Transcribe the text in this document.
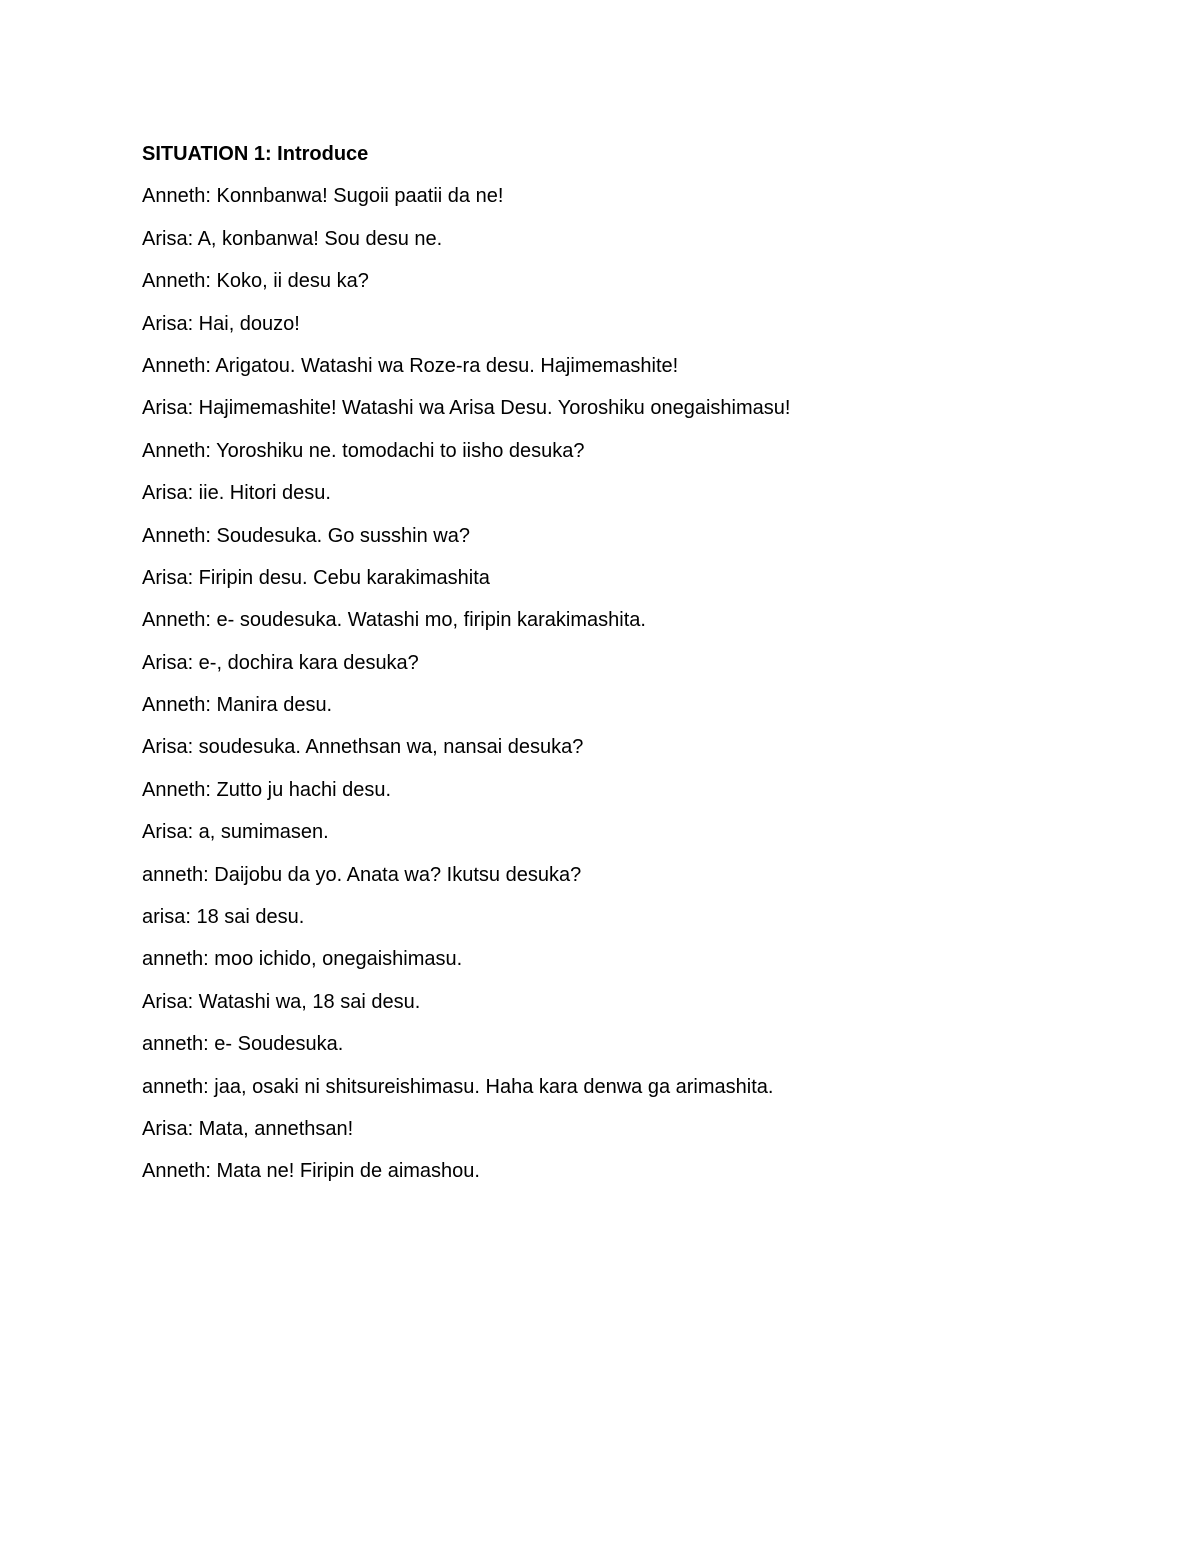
SITUATION 1: Introduce

Anneth: Konnbanwa! Sugoii paatii da ne!

Arisa: A, konbanwa! Sou desu ne.

Anneth: Koko, ii desu ka?

Arisa: Hai, douzo!

Anneth: Arigatou. Watashi wa Roze-ra desu. Hajimemashite!

Arisa: Hajimemashite! Watashi wa Arisa Desu. Yoroshiku onegaishimasu!

Anneth: Yoroshiku ne. tomodachi to iisho desuka?

Arisa: iie. Hitori desu.

Anneth: Soudesuka. Go susshin wa?

Arisa: Firipin desu. Cebu karakimashita

Anneth: e- soudesuka. Watashi mo, firipin karakimashita.

Arisa: e-, dochira kara desuka?

Anneth: Manira desu.

Arisa: soudesuka. Annethsan wa, nansai desuka?

Anneth: Zutto ju hachi desu.

Arisa: a, sumimasen.

anneth: Daijobu da yo. Anata wa? Ikutsu desuka?

arisa: 18 sai desu.

anneth: moo ichido, onegaishimasu.

Arisa: Watashi wa, 18 sai desu.

anneth: e- Soudesuka.

anneth: jaa, osaki ni shitsureishimasu. Haha kara denwa ga arimashita.

Arisa: Mata, annethsan!

Anneth: Mata ne! Firipin de aimashou.
